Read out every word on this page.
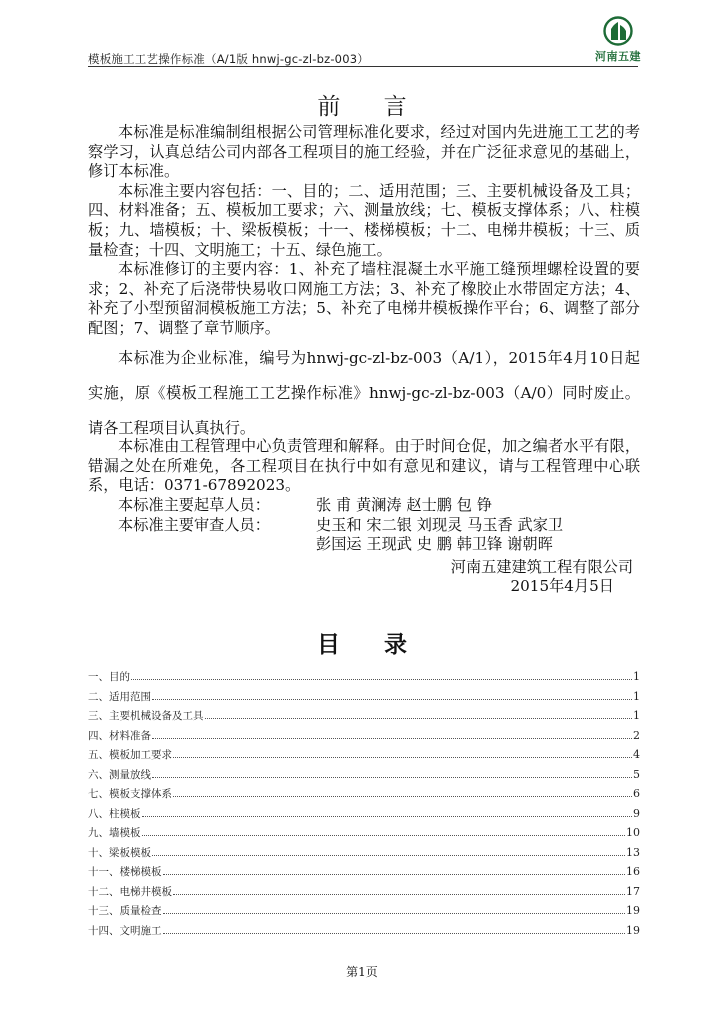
模板施工工艺操作标准（A/1版 hnwj-gc-zl-bz-003）	河南五建
前 言

本标准是标准编制组根据公司管理标准化要求，经过对国内先进施工工艺的考察学习，认真总结公司内部各工程项目的施工经验，并在广泛征求意见的基础上，修订本标准。

本标准主要内容包括：一、目的；二、适用范围；三、主要机械设备及工具；四、材料准备；五、模板加工要求；六、测量放线；七、模板支撑体系；八、柱模板；九、墙模板；十、梁板模板；十一、楼梯模板；十二、电梯井模板；十三、质量检查；十四、文明施工；十五、绿色施工。

本标准修订的主要内容：1、补充了墙柱混凝土水平施工缝预埋螺栓设置的要求；2、补充了后浇带快易收口网施工方法；3、补充了橡胶止水带固定方法；4、补充了小型预留洞模板施工方法；5、补充了电梯井模板操作平台；6、调整了部分配图；7、调整了章节顺序。

本标准为企业标准，编号为hnwj-gc-zl-bz-003（A/1），2015年4月10日起实施，原《模板工程施工工艺操作标准》hnwj-gc-zl-bz-003（A/0）同时废止。请各工程项目认真执行。

本标准由工程管理中心负责管理和解释。由于时间仓促，加之编者水平有限，错漏之处在所难免，各工程项目在执行中如有意见和建议，请与工程管理中心联系，电话：0371-67892023。

本标准主要起草人员：	张 甫 黄澜涛 赵士鹏 包 铮
本标准主要审查人员：	史玉和 宋二银 刘现灵 马玉香 武家卫
彭国运 王现武 史 鹏 韩卫锋 谢朝晖
河南五建建筑工程有限公司
2015年4月5日
目 录
一、目的	1
二、适用范围	1
三、主要机械设备及工具	1
四、材料准备	2
五、模板加工要求	4
六、测量放线	5
七、模板支撑体系	6
八、柱模板	9
九、墙模板	10
十、梁板模板	13
十一、楼梯模板	16
十二、电梯井模板	17
十三、质量检查	19
十四、文明施工	19
第1页
